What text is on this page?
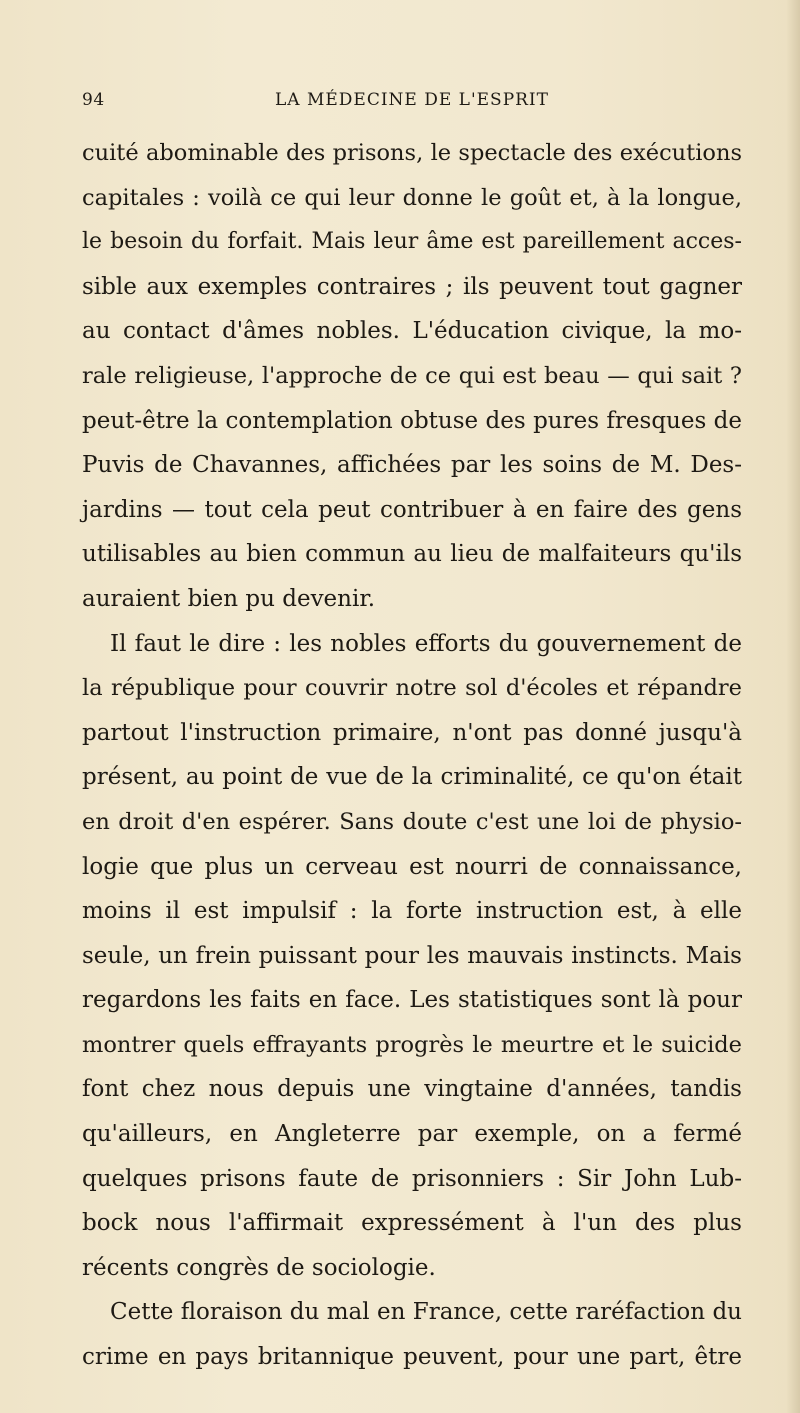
94	LA MÉDECINE DE L'ESPRIT
cuité abominable des prisons, le spectacle des exécutions
capitales : voilà ce qui leur donne le goût et, à la longue,
le besoin du forfait. Mais leur âme est pareillement acces-
sible aux exemples contraires ; ils peuvent tout gagner
au contact d'âmes nobles. L'éducation civique, la mo-
rale religieuse, l'approche de ce qui est beau — qui sait ?
peut-être la contemplation obtuse des pures fresques de
Puvis de Chavannes, affichées par les soins de M. Des-
jardins — tout cela peut contribuer à en faire des gens
utilisables au bien commun au lieu de malfaiteurs qu'ils
auraient bien pu devenir.
Il faut le dire : les nobles efforts du gouvernement de
la république pour couvrir notre sol d'écoles et répandre
partout l'instruction primaire, n'ont pas donné jusqu'à
présent, au point de vue de la criminalité, ce qu'on était
en droit d'en espérer. Sans doute c'est une loi de physio-
logie que plus un cerveau est nourri de connaissance,
moins il est impulsif : la forte instruction est, à elle
seule, un frein puissant pour les mauvais instincts. Mais
regardons les faits en face. Les statistiques sont là pour
montrer quels effrayants progrès le meurtre et le suicide
font chez nous depuis une vingtaine d'années, tandis
qu'ailleurs, en Angleterre par exemple, on a fermé
quelques prisons faute de prisonniers : Sir John Lub-
bock nous l'affirmait expressément à l'un des plus
récents congrès de sociologie.
Cette floraison du mal en France, cette raréfaction du
crime en pays britannique peuvent, pour une part, être
